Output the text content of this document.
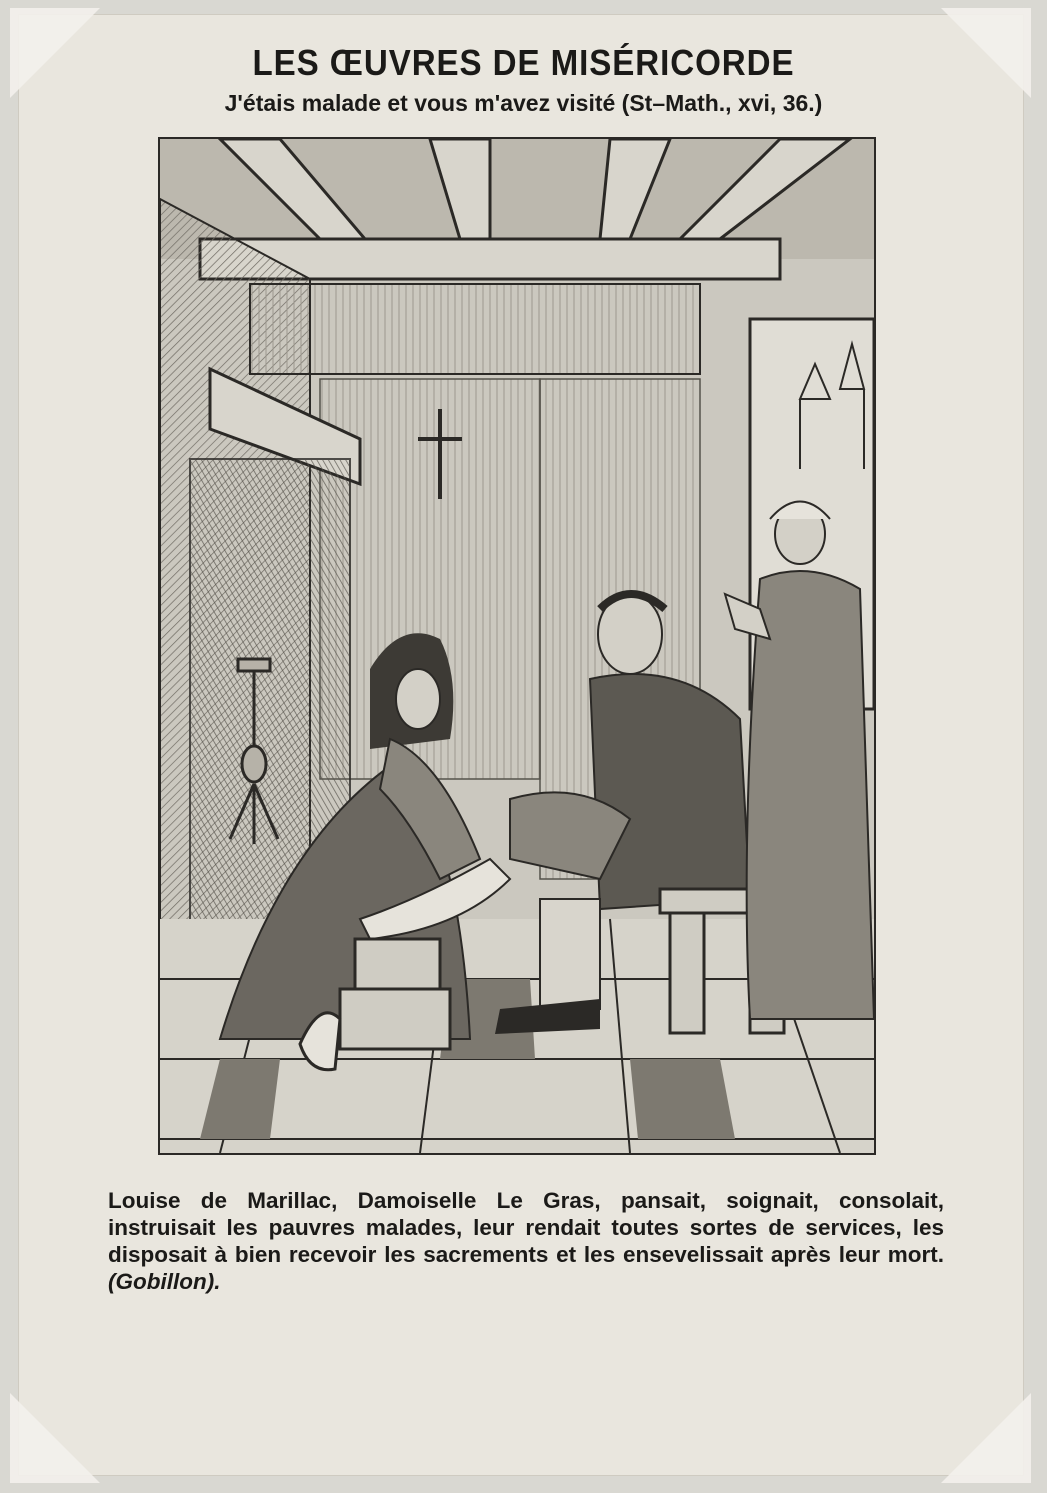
LES ŒUVRES DE MISÉRICORDE
J'étais malade et vous m'avez visité (St–Math., xvi, 36.)
Louise de Marillac, Damoiselle Le Gras, pansait, soignait, consolait, instruisait les pauvres malades, leur rendait toutes sortes de services, les disposait à bien recevoir les sacrements et les ensevelissait après leur mort. (Gobillon).
